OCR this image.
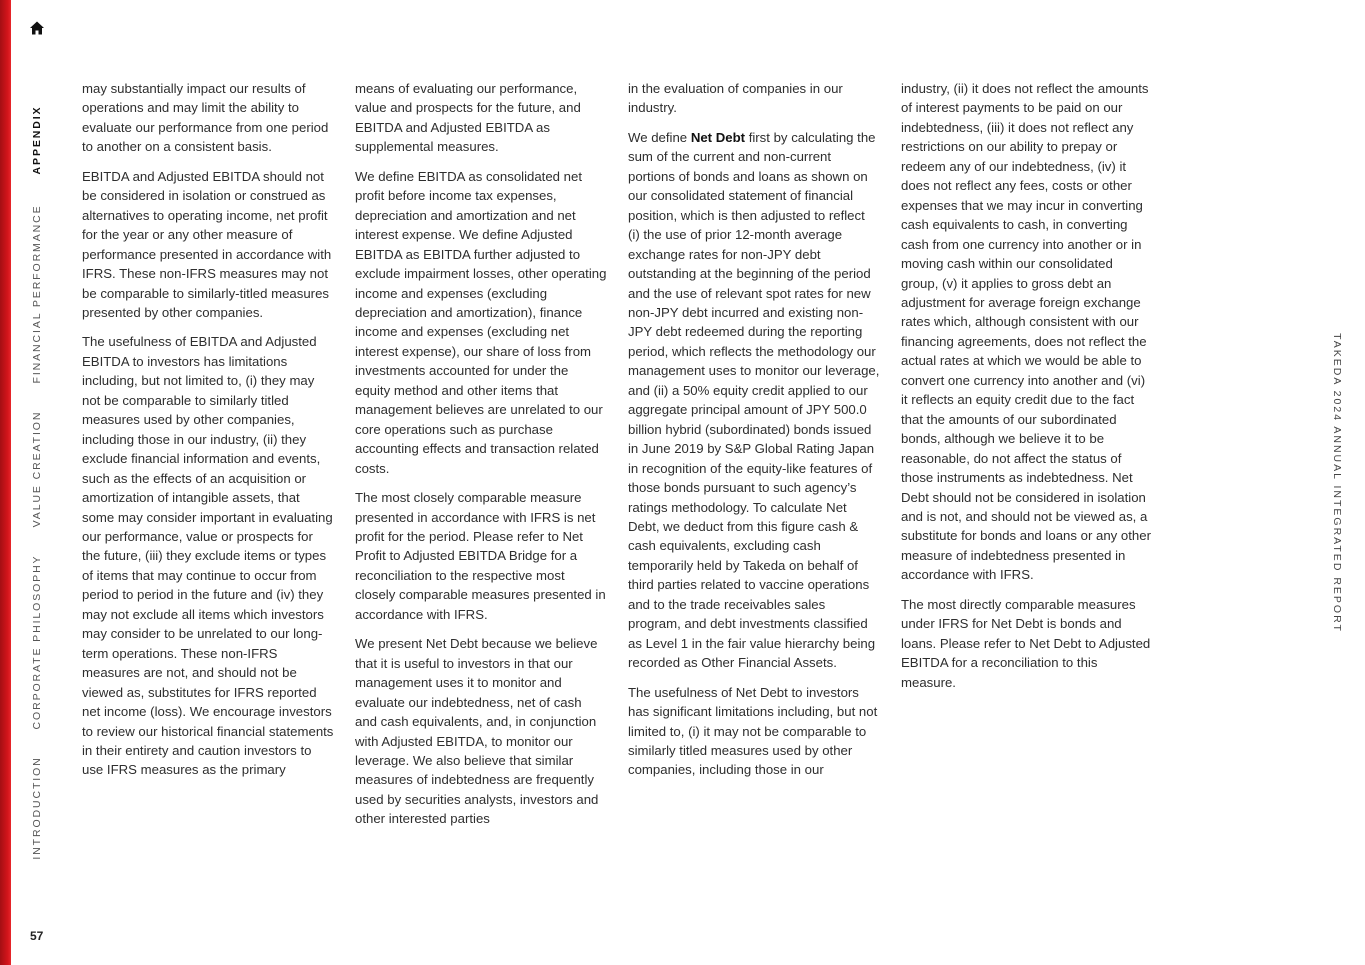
APPENDIX
FINANCIAL PERFORMANCE
VALUE CREATION
CORPORATE PHILOSOPHY
INTRODUCTION
57
TAKEDA 2024 ANNUAL INTEGRATED REPORT

may substantially impact our results of operations and may limit the ability to evaluate our performance from one period to another on a consistent basis.

EBITDA and Adjusted EBITDA should not be considered in isolation or construed as alternatives to operating income, net profit for the year or any other measure of performance presented in accordance with IFRS. These non-IFRS measures may not be comparable to similarly-titled measures presented by other companies.

The usefulness of EBITDA and Adjusted EBITDA to investors has limitations including, but not limited to, (i) they may not be comparable to similarly titled measures used by other companies, including those in our industry, (ii) they exclude financial information and events, such as the effects of an acquisition or amortization of intangible assets, that some may consider important in evaluating our performance, value or prospects for the future, (iii) they exclude items or types of items that may continue to occur from period to period in the future and (iv) they may not exclude all items which investors may consider to be unrelated to our long-term operations. These non-IFRS measures are not, and should not be viewed as, substitutes for IFRS reported net income (loss). We encourage investors to review our historical financial statements in their entirety and caution investors to use IFRS measures as the primary

means of evaluating our performance, value and prospects for the future, and EBITDA and Adjusted EBITDA as supplemental measures.

We define EBITDA as consolidated net profit before income tax expenses, depreciation and amortization and net interest expense. We define Adjusted EBITDA as EBITDA further adjusted to exclude impairment losses, other operating income and expenses (excluding depreciation and amortization), finance income and expenses (excluding net interest expense), our share of loss from investments accounted for under the equity method and other items that management believes are unrelated to our core operations such as purchase accounting effects and transaction related costs.

The most closely comparable measure presented in accordance with IFRS is net profit for the period. Please refer to Net Profit to Adjusted EBITDA Bridge for a reconciliation to the respective most closely comparable measures presented in accordance with IFRS.

We present Net Debt because we believe that it is useful to investors in that our management uses it to monitor and evaluate our indebtedness, net of cash and cash equivalents, and, in conjunction with Adjusted EBITDA, to monitor our leverage. We also believe that similar measures of indebtedness are frequently used by securities analysts, investors and other interested parties

in the evaluation of companies in our industry.

We define Net Debt first by calculating the sum of the current and non-current portions of bonds and loans as shown on our consolidated statement of financial position, which is then adjusted to reflect (i) the use of prior 12-month average exchange rates for non-JPY debt outstanding at the beginning of the period and the use of relevant spot rates for new non-JPY debt incurred and existing non-JPY debt redeemed during the reporting period, which reflects the methodology our management uses to monitor our leverage, and (ii) a 50% equity credit applied to our aggregate principal amount of JPY 500.0 billion hybrid (subordinated) bonds issued in June 2019 by S&P Global Rating Japan in recognition of the equity-like features of those bonds pursuant to such agency’s ratings methodology. To calculate Net Debt, we deduct from this figure cash & cash equivalents, excluding cash temporarily held by Takeda on behalf of third parties related to vaccine operations and to the trade receivables sales program, and debt investments classified as Level 1 in the fair value hierarchy being recorded as Other Financial Assets.

The usefulness of Net Debt to investors has significant limitations including, but not limited to, (i) it may not be comparable to similarly titled measures used by other companies, including those in our

industry, (ii) it does not reflect the amounts of interest payments to be paid on our indebtedness, (iii) it does not reflect any restrictions on our ability to prepay or redeem any of our indebtedness, (iv) it does not reflect any fees, costs or other expenses that we may incur in converting cash equivalents to cash, in converting cash from one currency into another or in moving cash within our consolidated group, (v) it applies to gross debt an adjustment for average foreign exchange rates which, although consistent with our financing agreements, does not reflect the actual rates at which we would be able to convert one currency into another and (vi) it reflects an equity credit due to the fact that the amounts of our subordinated bonds, although we believe it to be reasonable, do not affect the status of those instruments as indebtedness. Net Debt should not be considered in isolation and is not, and should not be viewed as, a substitute for bonds and loans or any other measure of indebtedness presented in accordance with IFRS.

The most directly comparable measures under IFRS for Net Debt is bonds and loans. Please refer to Net Debt to Adjusted EBITDA for a reconciliation to this measure.
